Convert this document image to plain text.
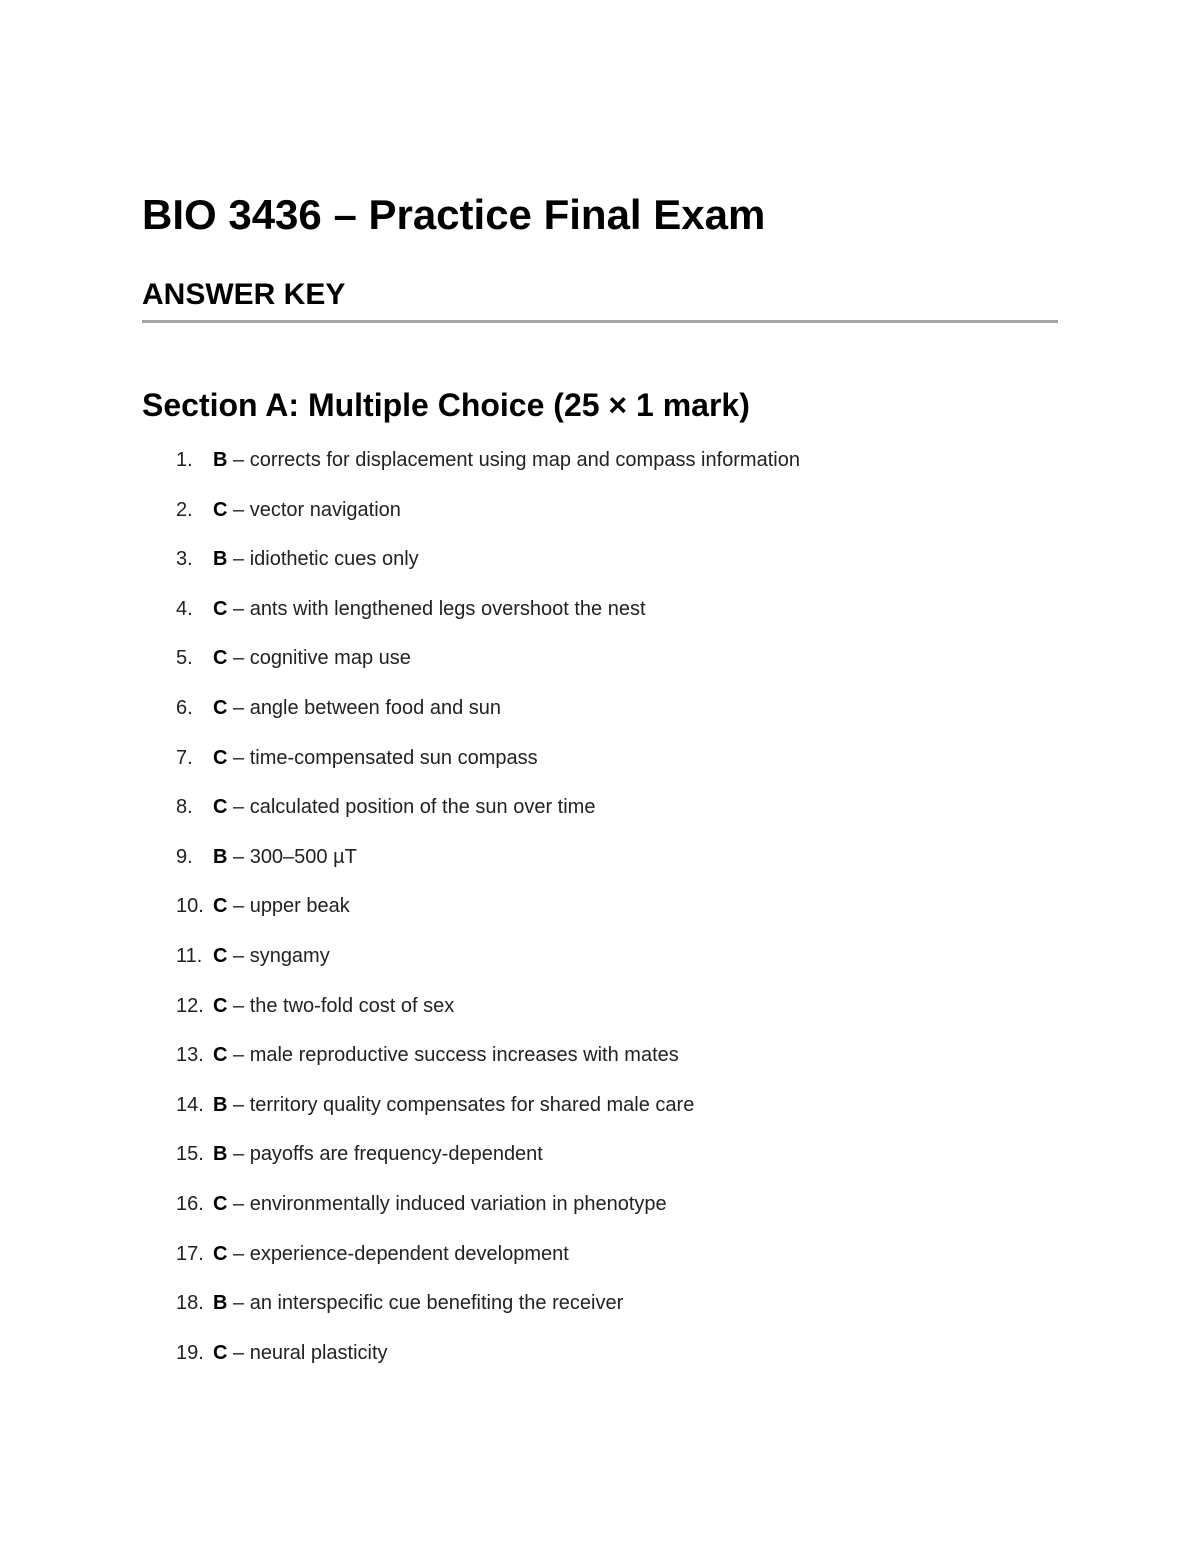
BIO 3436 – Practice Final Exam
ANSWER KEY
Section A: Multiple Choice (25 × 1 mark)
1.	B – corrects for displacement using map and compass information
2.	C – vector navigation
3.	B – idiothetic cues only
4.	C – ants with lengthened legs overshoot the nest
5.	C – cognitive map use
6.	C – angle between food and sun
7.	C – time-compensated sun compass
8.	C – calculated position of the sun over time
9.	B – 300–500 µT
10. C – upper beak
11. C – syngamy
12. C – the two-fold cost of sex
13. C – male reproductive success increases with mates
14. B – territory quality compensates for shared male care
15. B – payoffs are frequency-dependent
16. C – environmentally induced variation in phenotype
17. C – experience-dependent development
18. B – an interspecific cue benefiting the receiver
19. C – neural plasticity
